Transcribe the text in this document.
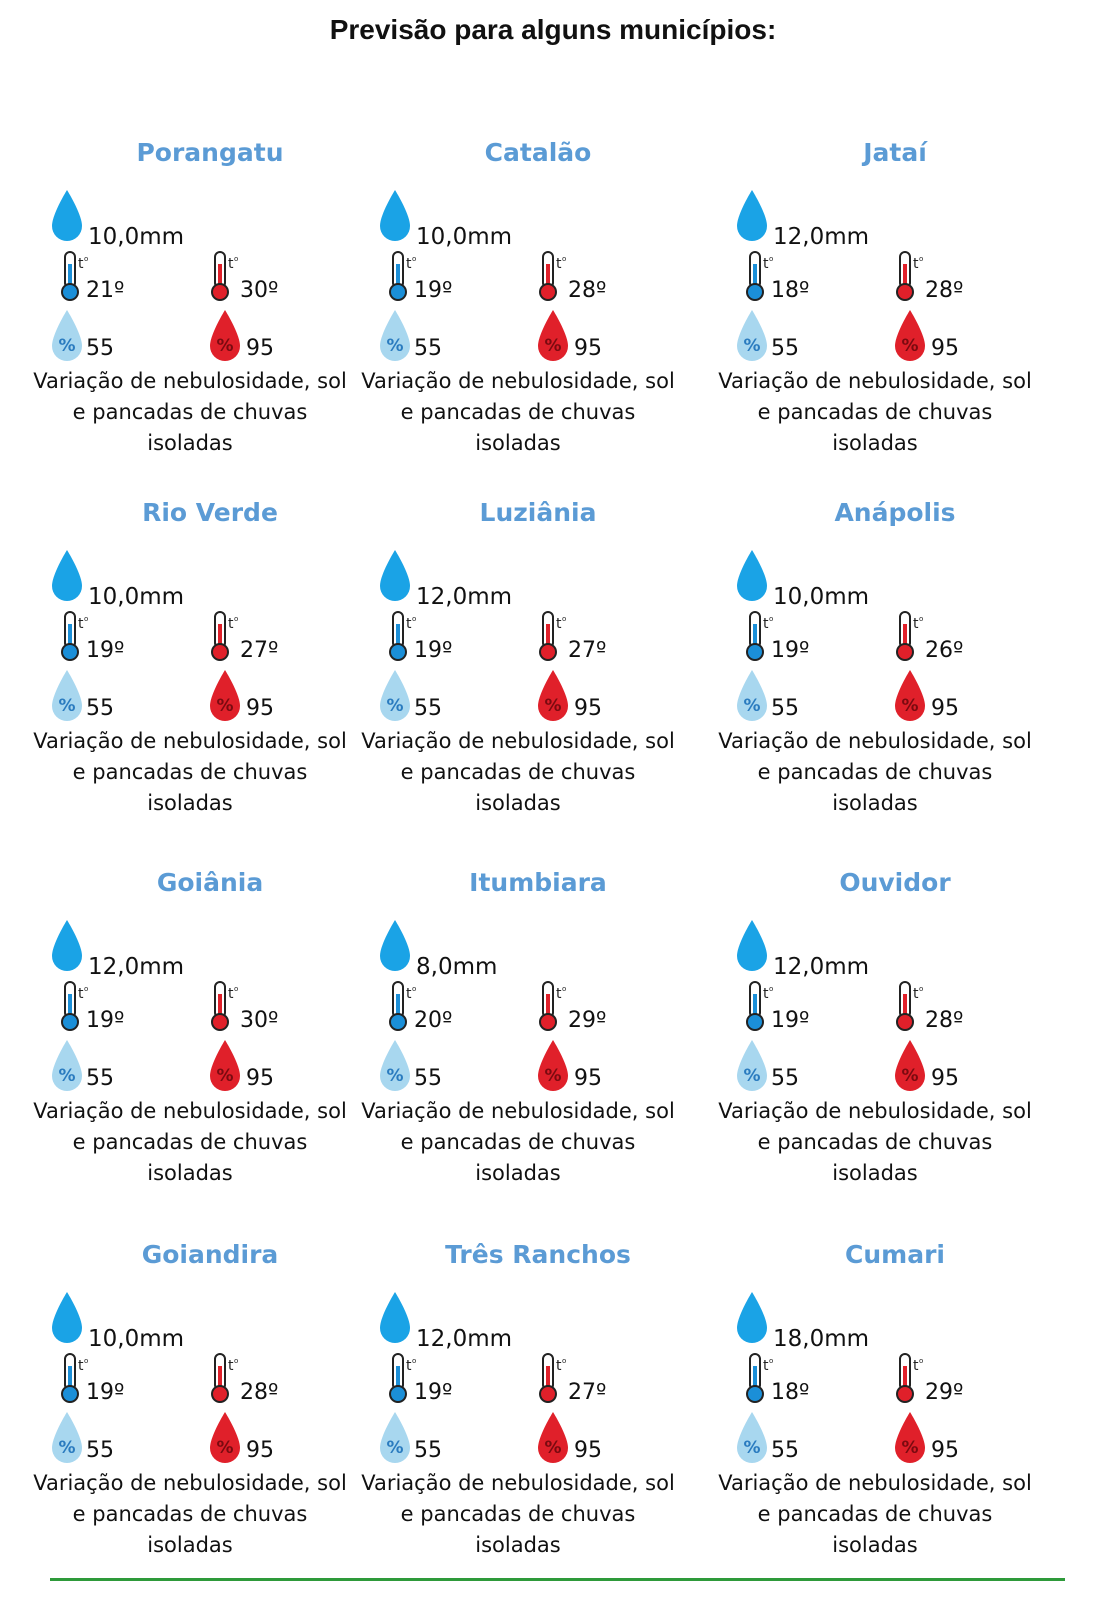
Previsão para alguns municípios:
Porangatu
10,0mm
t o
21º
t o
30º
% 55	% 95
Variação de nebulosidade, sol e pancadas de chuvas isoladas
Catalão
10,0mm
t o
19º
t o
28º
% 55	% 95
Variação de nebulosidade, sol e pancadas de chuvas isoladas
Jataí
12,0mm
t o
18º
t o
28º
% 55	% 95
Variação de nebulosidade, sol e pancadas de chuvas isoladas
Rio Verde
10,0mm
t o
19º
t o
27º
% 55	% 95
Variação de nebulosidade, sol e pancadas de chuvas isoladas
Luziânia
12,0mm
t o
19º
t o
27º
% 55	% 95
Variação de nebulosidade, sol e pancadas de chuvas isoladas
Anápolis
10,0mm
t o
19º
t o
26º
% 55	% 95
Variação de nebulosidade, sol e pancadas de chuvas isoladas
Goiânia
12,0mm
t o
19º
t o
30º
% 55	% 95
Variação de nebulosidade, sol e pancadas de chuvas isoladas
Itumbiara
8,0mm
t o
20º
t o
29º
% 55	% 95
Variação de nebulosidade, sol e pancadas de chuvas isoladas
Ouvidor
12,0mm
t o
19º
t o
28º
% 55	% 95
Variação de nebulosidade, sol e pancadas de chuvas isoladas
Goiandira
10,0mm
t o
19º
t o
28º
% 55	% 95
Variação de nebulosidade, sol e pancadas de chuvas isoladas
Três Ranchos
12,0mm
t o
19º
t o
27º
% 55	% 95
Variação de nebulosidade, sol e pancadas de chuvas isoladas
Cumari
18,0mm
t o
18º
t o
29º
% 55	% 95
Variação de nebulosidade, sol e pancadas de chuvas isoladas
